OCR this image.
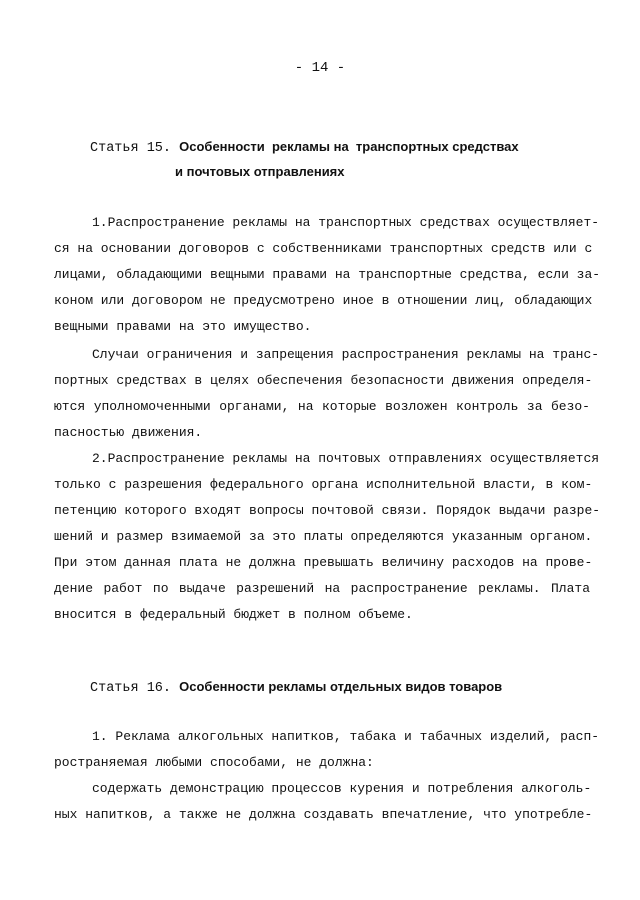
- 14 -
Статья 15. Особенности  рекламы на  транспортных средствах
и почтовых отправлениях
1.Распространение рекламы на транспортных средствах осуществляет-
ся на основании договоров с собственниками транспортных средств или с
лицами, обладающими вещными правами на транспортные средства, если за-
коном или договором не предусмотрено иное в отношении лиц, обладающих
вещными правами на это имущество.
Случаи ограничения и запрещения распространения рекламы на транс-
портных средствах в целях обеспечения безопасности движения определя-
ются уполномоченными органами, на которые возложен контроль за безо-
пасностью движения.
2.Распространение рекламы на почтовых отправлениях осуществляется
только с разрешения федерального органа исполнительной власти, в ком-
петенцию которого входят вопросы почтовой связи. Порядок выдачи разре-
шений и размер взимаемой за это платы определяются указанным органом.
При этом данная плата не должна превышать величину расходов на прове-
дение работ по выдаче разрешений на распространение рекламы. Плата
вносится в федеральный бюджет в полном объеме.
Статья 16. Особенности рекламы отдельных видов товаров
1. Реклама алкогольных напитков, табака и табачных изделий, расп-
ространяемая любыми способами, не должна:
содержать демонстрацию процессов курения и потребления алкоголь-
ных напитков, а также не должна создавать впечатление, что употребле-
